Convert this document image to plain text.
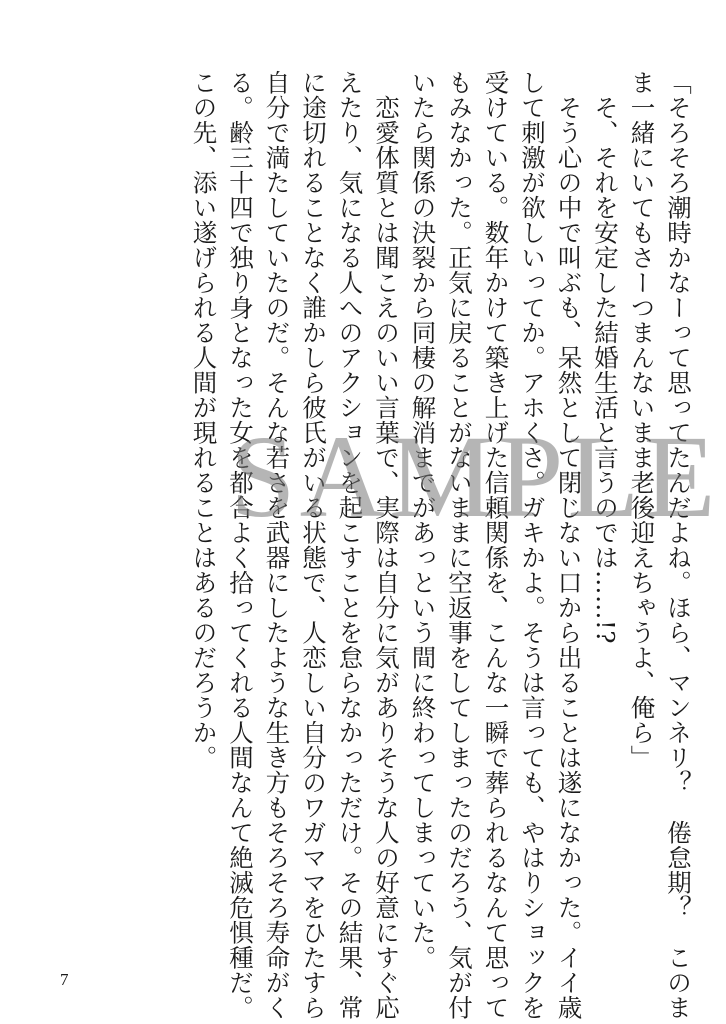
「そろそろ潮時かなーって思ってたんだよね。ほら、マンネリ？　倦怠期？　このま
ま一緒にいてもさーつまんないまま老後迎えちゃうよ、俺ら」
そ、それを安定した結婚生活と言うのでは……!?
そう心の中で叫ぶも、呆然として閉じない口から出ることは遂になかった。イイ歳
して刺激が欲しいってか。アホくさ。ガキかよ。そうは言っても、やはりショックを
受けている。数年かけて築き上げた信頼関係を、こんな一瞬で葬られるなんて思って
もみなかった。正気に戻ることがないままに空返事をしてしまったのだろう、気が付
いたら関係の決裂から同棲の解消までがあっという間に終わってしまっていた。
恋愛体質とは聞こえのいい言葉で、実際は自分に気がありそうな人の好意にすぐ応
えたり、気になる人へのアクションを起こすことを怠らなかっただけ。その結果、常
に途切れることなく誰かしら彼氏がいる状態で、人恋しい自分のワガママをひたすら
自分で満たしていたのだ。そんな若さを武器にしたような生き方もそろそろ寿命がく
る。齢三十四で独り身となった女を都合よく拾ってくれる人間なんて絶滅危惧種だ。
この先、添い遂げられる人間が現れることはあるのだろうか。 SAMPLE
7
